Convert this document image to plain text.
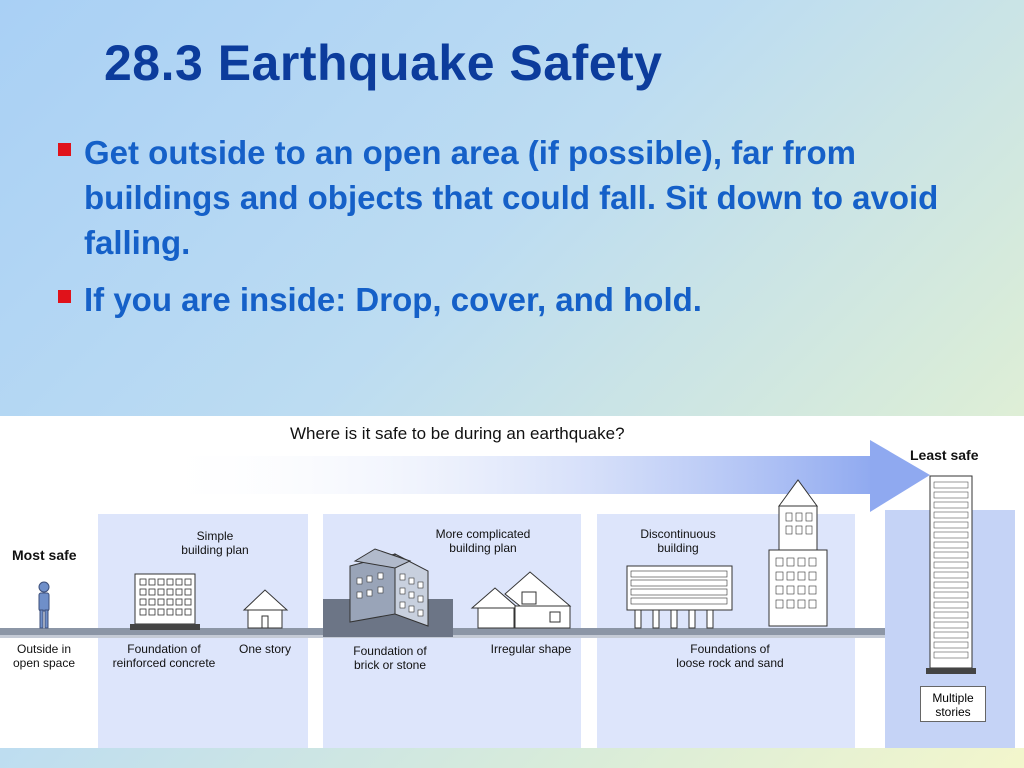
28.3 Earthquake Safety
Get outside to an open area (if possible), far from buildings and objects that could fall. Sit down to avoid falling.
If you are inside: Drop, cover, and hold.
Where is it safe to be during an earthquake?
Least safe
Most safe
Outside in
open space
Simple
building plan
Foundation of
reinforced concrete
One story
More complicated
building plan
Foundation of
brick or stone
Irregular shape
Discontinuous
building
Foundations of
loose rock and sand
Multiple
stories
